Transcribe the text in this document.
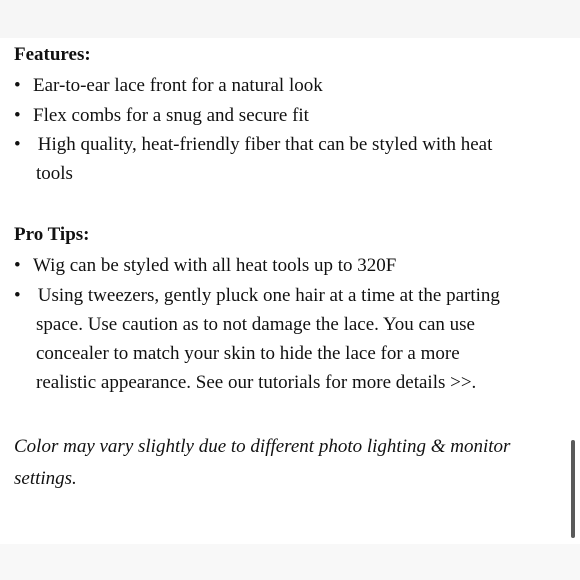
Features:
• Ear-to-ear lace front for a natural look

• Flex combs for a snug and secure fit

• High quality, heat-friendly fiber that can be styled with heat

tools

Pro Tips:
• Wig can be styled with all heat tools up to 320F

• Using tweezers, gently pluck one hair at a time at the parting

space. Use caution as to not damage the lace. You can use

concealer to match your skin to hide the lace for a more

realistic appearance. See our tutorials for more details >>.

Color may vary slightly due to different photo lighting & monitor

settings.
